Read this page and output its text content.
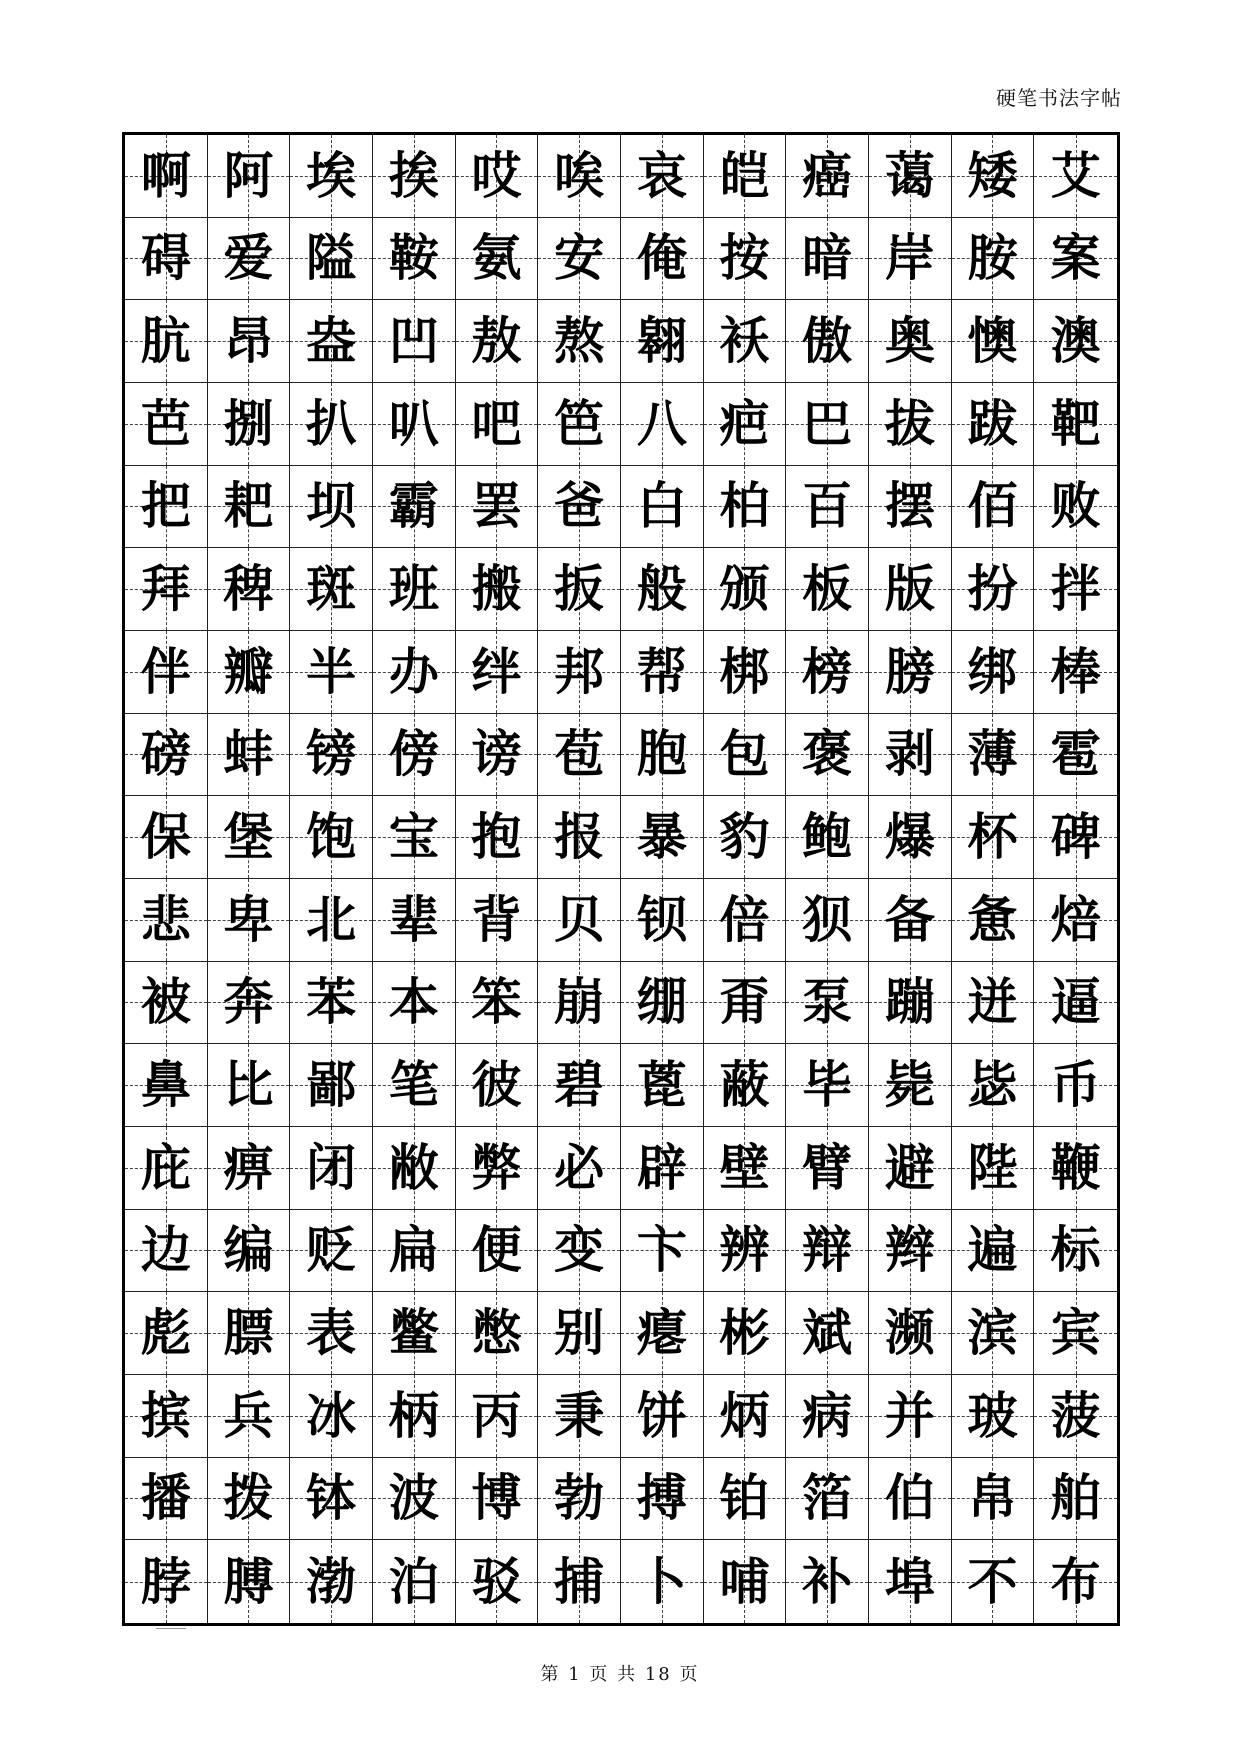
硬笔书法字帖
啊 阿 埃 挨 哎 唉 哀 皑 癌 蔼 矮 艾
碍 爱 隘 鞍 氨 安 俺 按 暗 岸 胺 案
肮 昂 盎 凹 敖 熬 翱 袄 傲 奥 懊 澳
芭 捌 扒 叭 吧 笆 八 疤 巴 拔 跋 靶
把 耙 坝 霸 罢 爸 白 柏 百 摆 佰 败
拜 稗 斑 班 搬 扳 般 颁 板 版 扮 拌
伴 瓣 半 办 绊 邦 帮 梆 榜 膀 绑 棒
磅 蚌 镑 傍 谤 苞 胞 包 褒 剥 薄 雹
保 堡 饱 宝 抱 报 暴 豹 鲍 爆 杯 碑
悲 卑 北 辈 背 贝 钡 倍 狈 备 惫 焙
被 奔 苯 本 笨 崩 绷 甭 泵 蹦 迸 逼
鼻 比 鄙 笔 彼 碧 蓖 蔽 毕 毙 毖 币
庇 痹 闭 敝 弊 必 辟 壁 臂 避 陛 鞭
边 编 贬 扁 便 变 卞 辨 辩 辫 遍 标
彪 膘 表 鳖 憋 别 瘪 彬 斌 濒 滨 宾
摈 兵 冰 柄 丙 秉 饼 炳 病 并 玻 菠
播 拨 钵 波 博 勃 搏 铂 箔 伯 帛 舶
脖 膊 渤 泊 驳 捕 卜 哺 补 埠 不 布
第 1 页 共 18 页
